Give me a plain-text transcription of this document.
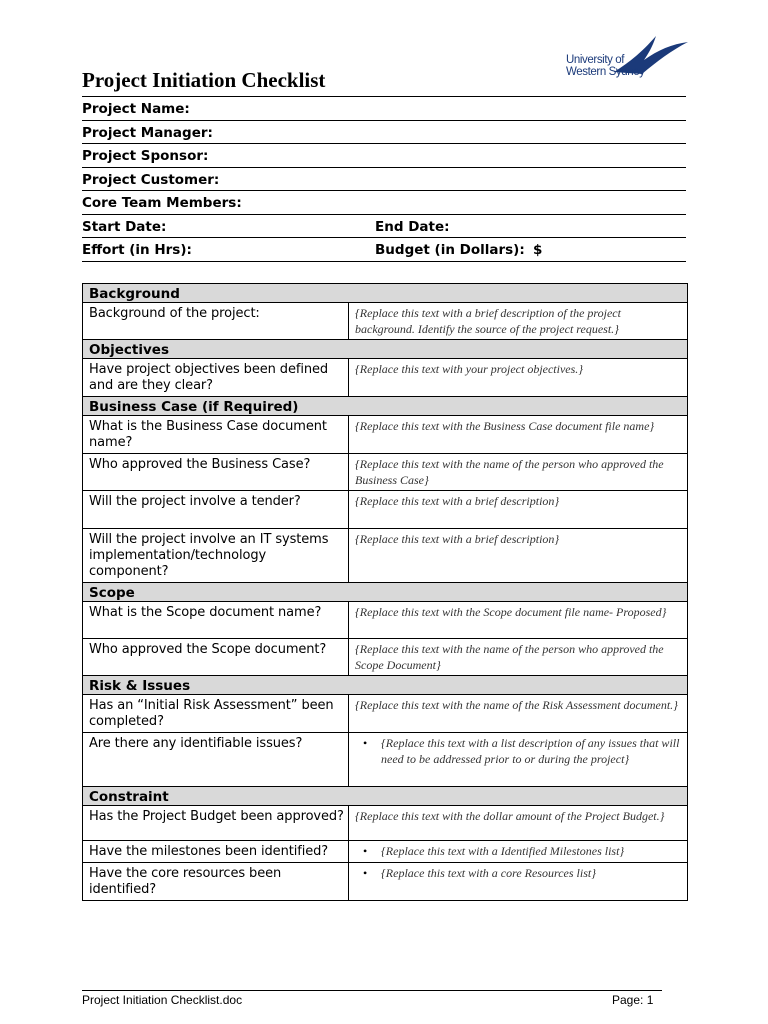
Project Initiation Checklist
University of
Western Sydney
Project Name:
Project Manager:
Project Sponsor:
Project Customer:
Core Team Members:
Start Date:	End Date:
Effort (in Hrs):	Budget (in Dollars): $
Background	
Background of the project:	{Replace this text with a brief description of the project background. Identify the source of the project request.}
Objectives	
Have project objectives been defined and are they clear?	{Replace this text with your project objectives.}
Business Case (if Required)	
What is the Business Case document name?	{Replace this text with the Business Case document file name}
Who approved the Business Case?	{Replace this text with the name of the person who approved the Business Case}
Will the project involve a tender?	{Replace this text with a brief description}
Will the project involve an IT systems implementation/technology component?	{Replace this text with a brief description}
Scope	
What is the Scope document name?	{Replace this text with the Scope document file name- Proposed}
Who approved the Scope document?	{Replace this text with the name of the person who approved the Scope Document}
Risk & Issues	
Has an “Initial Risk Assessment” been completed?	{Replace this text with the name of the Risk Assessment document.}
Are there any identifiable issues?	• {Replace this text with a list description of any issues that will need to be addressed prior to or during the project}

Constraint	
Has the Project Budget been approved?	{Replace this text with the dollar amount of the Project Budget.}
Have the milestones been identified?	• {Replace this text with a Identified Milestones list}

Have the core resources been identified?	• {Replace this text with a core Resources list}
Project Initiation Checklist.doc	Page: 1
